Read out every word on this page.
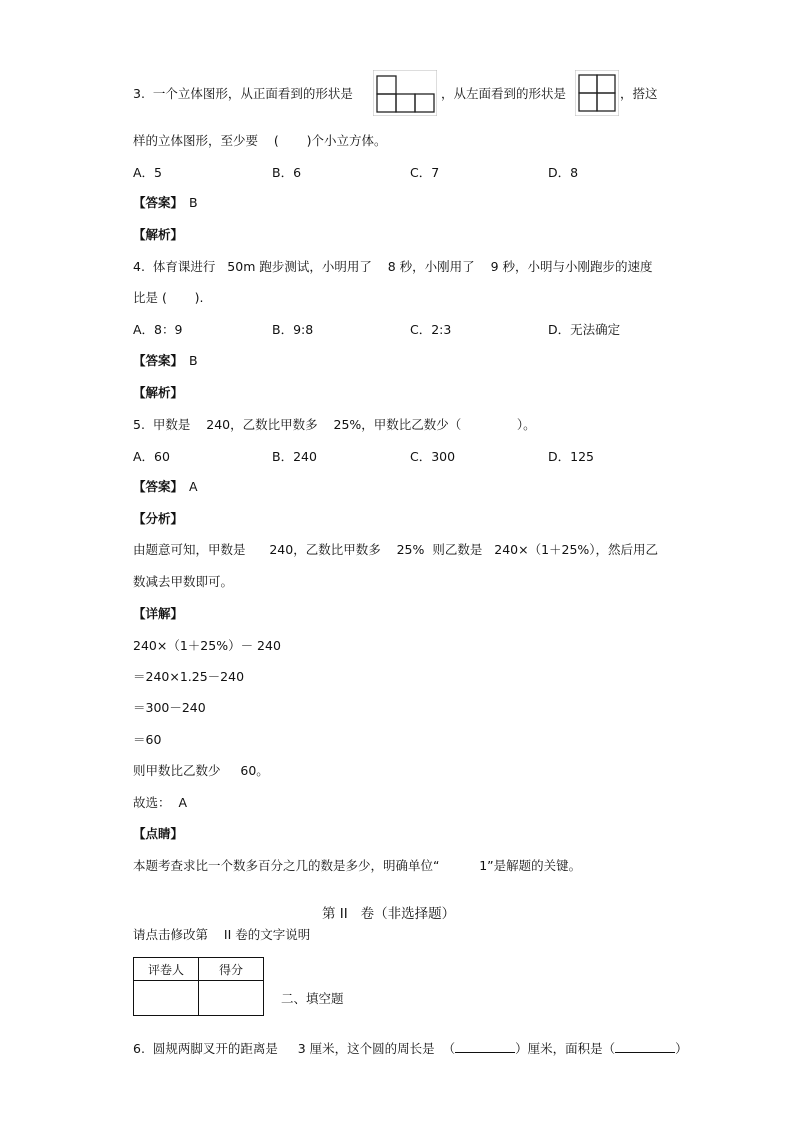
3.  一个立体图形，从正面看到的形状是	，从左面看到的形状是	，搭这
样的立体图形，至少要    (       )个小立方体。
A．5	B．6	C．7	D．8
【答案】 B
【解析】
4.  体育课进行   50m 跑步测试，小明用了    8 秒，小刚用了    9 秒，小明与小刚跑步的速度
比是 (       ).
A．8：9	B．9:8	C．2:3	D．无法确定
【答案】 B
【解析】
5.  甲数是    240，乙数比甲数多    25%，甲数比乙数少（              ）。
A．60	B．240	C．300	D．125
【答案】 A
【分析】
由题意可知，甲数是      240，乙数比甲数多    25%  则乙数是   240×（1＋25%），然后用乙
数减去甲数即可。
【详解】
240×（1＋25%）－ 240
＝240×1.25－240
＝300－240
＝60
则甲数比乙数少     60。
故选：  A
【点睛】
本题考查求比一个数多百分之几的数是多少，明确单位“          1”是解题的关键。
第 II   卷（非选择题）
请点击修改第    II 卷的文字说明
评卷人	得分

二、填空题
6.  圆规两脚叉开的距离是     3 厘米，这个圆的周长是  （	）厘米，面积是（	）
